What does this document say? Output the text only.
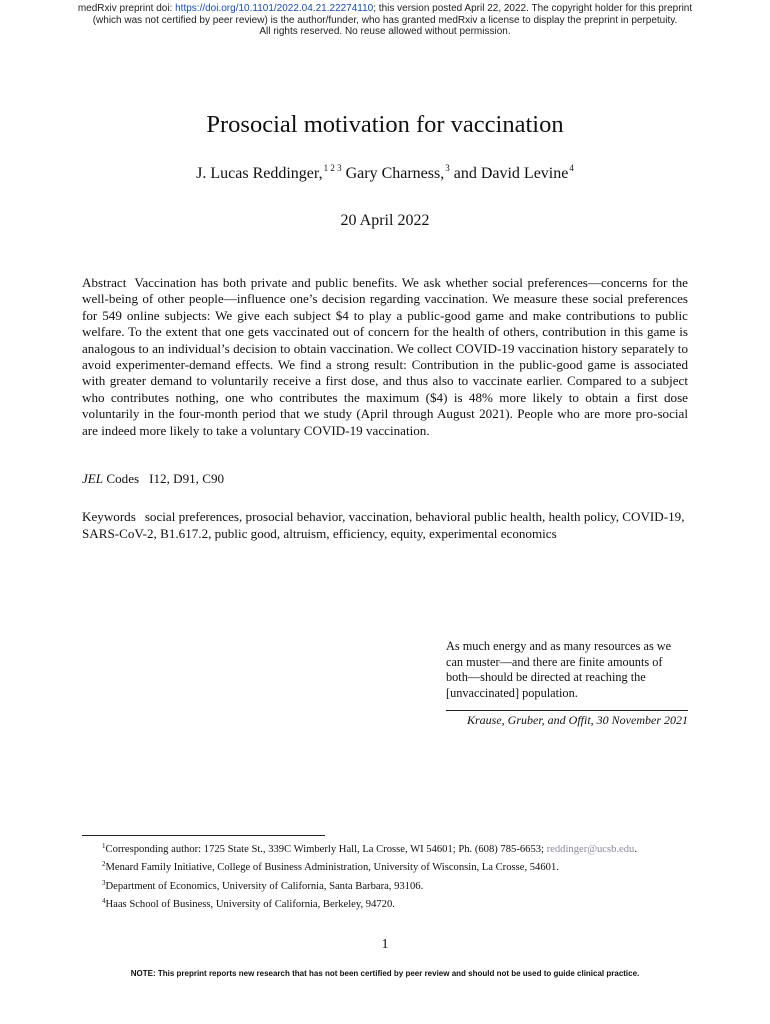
medRxiv preprint doi: https://doi.org/10.1101/2022.04.21.22274110; this version posted April 22, 2022. The copyright holder for this preprint
(which was not certified by peer review) is the author/funder, who has granted medRxiv a license to display the preprint in perpetuity.
All rights reserved. No reuse allowed without permission.
Prosocial motivation for vaccination
J. Lucas Reddinger,$^{1 2 3}$ Gary Charness,$^3$ and David Levine$^4$
20 April 2022
Abstract Vaccination has both private and public benefits. We ask whether social preferences—concerns for the well-being of other people—influence one’s decision regarding vaccination. We measure these social preferences for 549 online subjects: We give each subject $4 to play a public-good game and make contributions to public welfare. To the extent that one gets vaccinated out of concern for the health of others, contribution in this game is analogous to an individual’s decision to obtain vaccination. We collect COVID-19 vaccination history separately to avoid experimenter-demand effects. We find a strong result: Contribution in the public-good game is associated with greater demand to voluntarily receive a first dose, and thus also to vaccinate earlier. Compared to a subject who contributes nothing, one who contributes the maximum ($4) is 48% more likely to obtain a first dose voluntarily in the four-month period that we study (April through August 2021). People who are more pro-social are indeed more likely to take a voluntary COVID-19 vaccination.
JEL Codes I12, D91, C90
Keywords social preferences, prosocial behavior, vaccination, behavioral public health, health policy, COVID-19, SARS-CoV-2, B1.617.2, public good, altruism, efficiency, equity, experimental economics
As much energy and as many resources as we can muster—and there are finite amounts of both—should be directed at reaching the [unvaccinated] population.
Krause, Gruber, and Offit, 30 November 2021
$^1$Corresponding author: 1725 State St., 339C Wimberly Hall, La Crosse, WI 54601; Ph. (608) 785-6653; reddinger@ucsb.edu.
$^2$Menard Family Initiative, College of Business Administration, University of Wisconsin, La Crosse, 54601.
$^3$Department of Economics, University of California, Santa Barbara, 93106.
$^4$Haas School of Business, University of California, Berkeley, 94720.
1
NOTE: This preprint reports new research that has not been certified by peer review and should not be used to guide clinical practice.
